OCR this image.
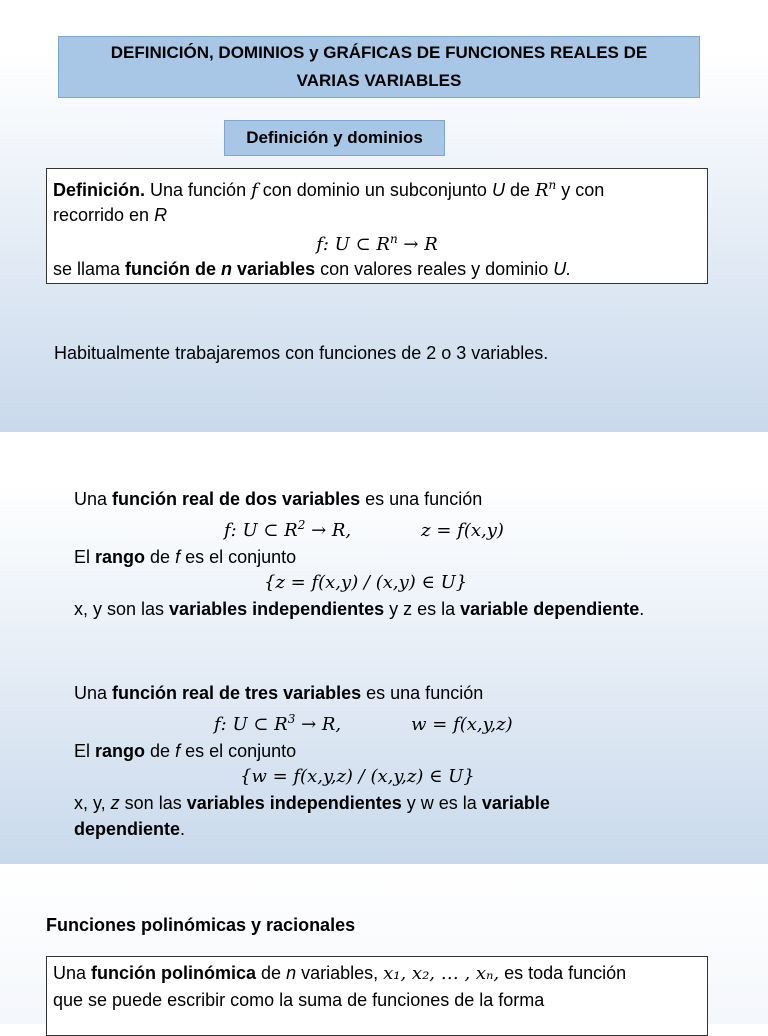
DEFINICIÓN, DOMINIOS y GRÁFICAS DE FUNCIONES REALES DE
VARIAS VARIABLES
Definición y dominios
Definición. Una función f con dominio un subconjunto U de $R^n$ y con
recorrido en R
f: U ⊂ $R^n \to R$
se llama función de n variables con valores reales y dominio U.
Habitualmente trabajaremos con funciones de 2 o 3 variables.
Una función real de dos variables es una función
f: U ⊂ $R^2 \to R$,	z = f(x,y)
El rango de f es el conjunto
{z = f(x,y) / (x,y) ∈ U}
x, y son las variables independientes y z es la variable dependiente.
Una función real de tres variables es una función
f: U ⊂ $R^3 \to R$,	w = f(x,y,z)
El rango de f es el conjunto
{w = f(x,y,z) / (x,y,z) ∈ U}
x, y, z son las variables independientes y w es la variable
dependiente.
Funciones polinómicas y racionales
Una función polinómica de n variables, x₁, x₂, … , xₙ, es toda función
que se puede escribir como la suma de funciones de la forma
